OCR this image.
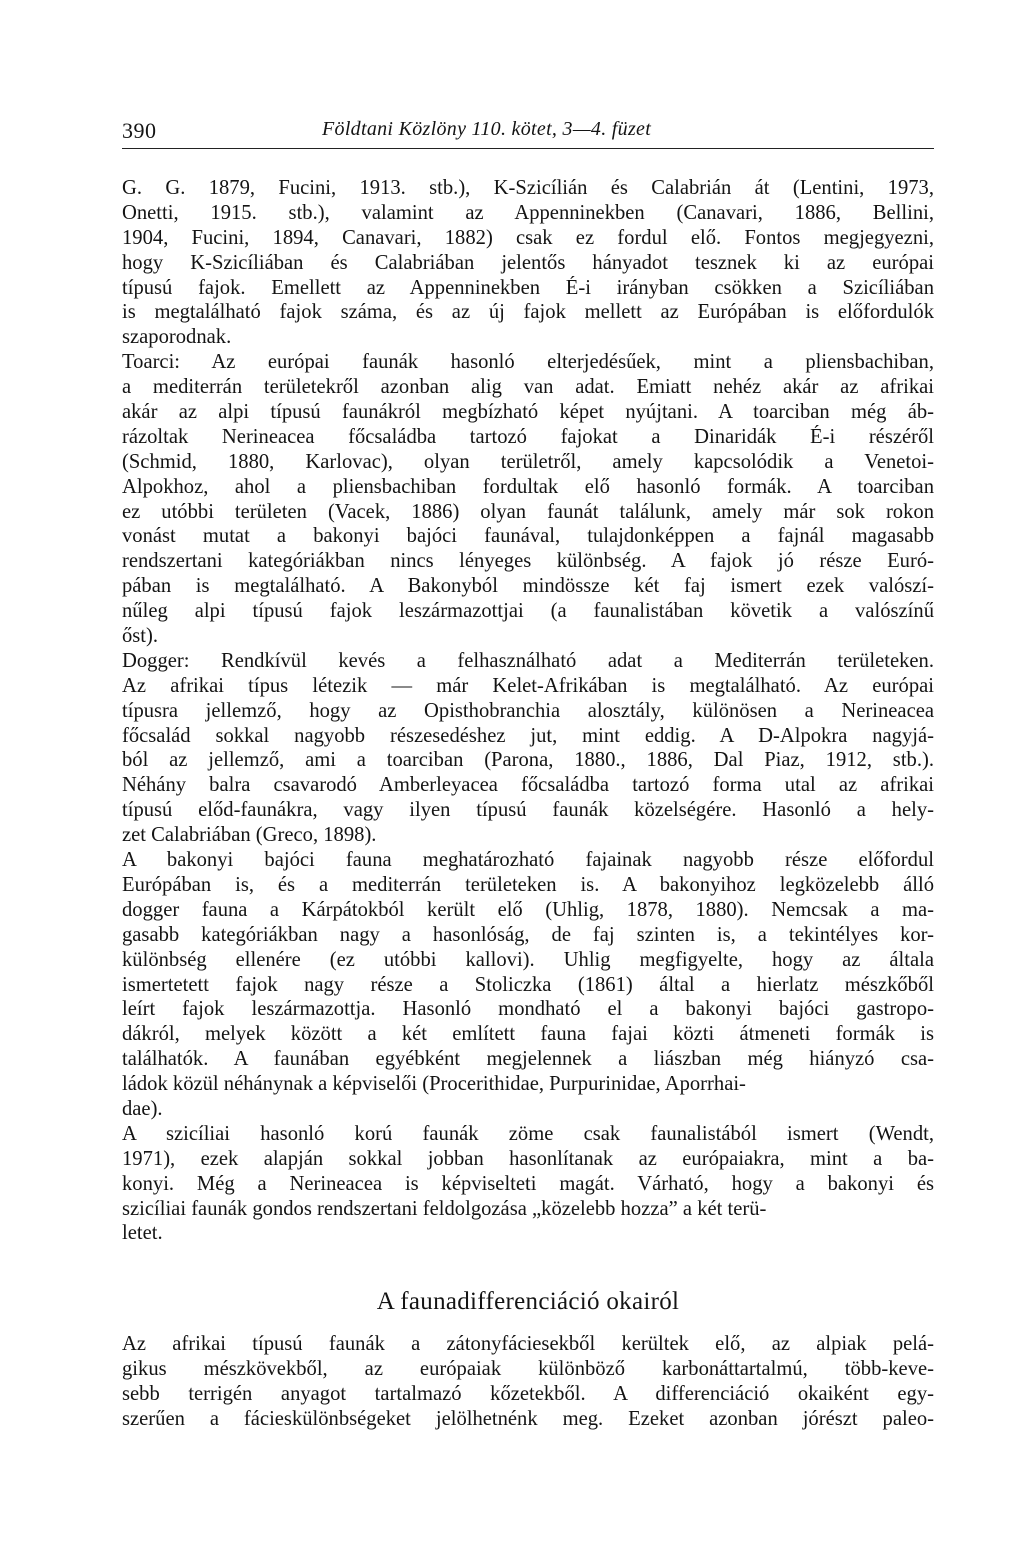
390	Földtani Közlöny 110. kötet, 3—4. füzet
G. G. 1879, Fucini, 1913. stb.), K-Szicílián és Calabrián át (Lentini, 1973,
Onetti, 1915. stb.), valamint az Appenninekben (Canavari, 1886, Bellini,
1904, Fucini, 1894, Canavari, 1882) csak ez fordul elő. Fontos megjegyezni,
hogy K-Szicíliában és Calabriában jelentős hányadot tesznek ki az európai
típusú fajok. Emellett az Appenninekben É-i irányban csökken a Szicíliában
is megtalálható fajok száma, és az új fajok mellett az Európában is előfordulók
szaporodnak.
Toarci: Az európai faunák hasonló elterjedésűek, mint a pliensbachiban,
a mediterrán területekről azonban alig van adat. Emiatt nehéz akár az afrikai
akár az alpi típusú faunákról megbízható képet nyújtani. A toarciban még áb-
rázoltak Nerineacea főcsaládba tartozó fajokat a Dinaridák É-i részéről
(Schmid, 1880, Karlovac), olyan területről, amely kapcsolódik a Venetoi-
Alpokhoz, ahol a pliensbachiban fordultak elő hasonló formák. A toarciban
ez utóbbi területen (Vacek, 1886) olyan faunát találunk, amely már sok rokon
vonást mutat a bakonyi bajóci faunával, tulajdonképpen a fajnál magasabb
rendszertani kategóriákban nincs lényeges különbség. A fajok jó része Euró-
pában is megtalálható. A Bakonyból mindössze két faj ismert ezek valószí-
nűleg alpi típusú fajok leszármazottjai (a faunalistában követik a valószínű
őst).
Dogger: Rendkívül kevés a felhasználható adat a Mediterrán területeken.
Az afrikai típus létezik — már Kelet-Afrikában is megtalálható. Az európai
típusra jellemző, hogy az Opisthobranchia alosztály, különösen a Nerineacea
főcsalád sokkal nagyobb részesedéshez jut, mint eddig. A D-Alpokra nagyjá-
ból az jellemző, ami a toarciban (Parona, 1880., 1886, Dal Piaz, 1912, stb.).
Néhány balra csavarodó Amberleyacea főcsaládba tartozó forma utal az afrikai
típusú előd-faunákra, vagy ilyen típusú faunák közelségére. Hasonló a hely-
zet Calabriában (Greco, 1898).
A bakonyi bajóci fauna meghatározható fajainak nagyobb része előfordul
Európában is, és a mediterrán területeken is. A bakonyihoz legközelebb álló
dogger fauna a Kárpátokból került elő (Uhlig, 1878, 1880). Nemcsak a ma-
gasabb kategóriákban nagy a hasonlóság, de faj szinten is, a tekintélyes kor-
különbség ellenére (ez utóbbi kallovi). Uhlig megfigyelte, hogy az általa
ismertetett fajok nagy része a Stoliczka (1861) által a hierlatz mészkőből
leírt fajok leszármazottja. Hasonló mondható el a bakonyi bajóci gastropo-
dákról, melyek között a két említett fauna fajai közti átmeneti formák is
találhatók. A faunában egyébként megjelennek a liászban még hiányzó csa-
ládok közül néhánynak a képviselői (Procerithidae, Purpurinidae, Aporrhai-
dae).
A szicíliai hasonló korú faunák zöme csak faunalistából ismert (Wendt,
1971), ezek alapján sokkal jobban hasonlítanak az európaiakra, mint a ba-
konyi. Még a Nerineacea is képviselteti magát. Várható, hogy a bakonyi és
szicíliai faunák gondos rendszertani feldolgozása „közelebb hozza” a két terü-
letet.
A faunadifferenciáció okairól
Az afrikai típusú faunák a zátonyfáciesekből kerültek elő, az alpiak pelá-
gikus mészkövekből, az európaiak különböző karbonáttartalmú, több-keve-
sebb terrigén anyagot tartalmazó kőzetekből. A differenciáció okaiként egy-
szerűen a fácieskülönbségeket jelölhetnénk meg. Ezeket azonban jórészt paleo-
